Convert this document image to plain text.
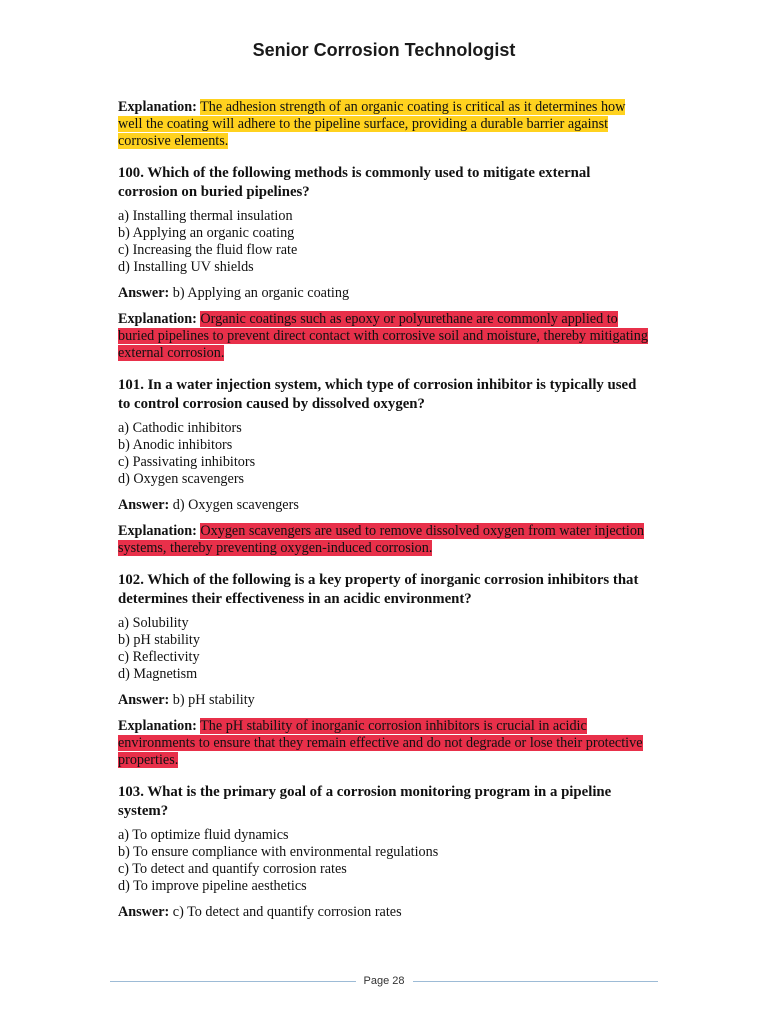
Senior Corrosion Technologist

Explanation: The adhesion strength of an organic coating is critical as it determines how well the coating will adhere to the pipeline surface, providing a durable barrier against corrosive elements.

100. Which of the following methods is commonly used to mitigate external corrosion on buried pipelines?

a) Installing thermal insulation
b) Applying an organic coating
c) Increasing the fluid flow rate
d) Installing UV shields

Answer: b) Applying an organic coating

Explanation: Organic coatings such as epoxy or polyurethane are commonly applied to buried pipelines to prevent direct contact with corrosive soil and moisture, thereby mitigating external corrosion.

101. In a water injection system, which type of corrosion inhibitor is typically used to control corrosion caused by dissolved oxygen?

a) Cathodic inhibitors
b) Anodic inhibitors
c) Passivating inhibitors
d) Oxygen scavengers

Answer: d) Oxygen scavengers

Explanation: Oxygen scavengers are used to remove dissolved oxygen from water injection systems, thereby preventing oxygen-induced corrosion.

102. Which of the following is a key property of inorganic corrosion inhibitors that determines their effectiveness in an acidic environment?

a) Solubility
b) pH stability
c) Reflectivity
d) Magnetism

Answer: b) pH stability

Explanation: The pH stability of inorganic corrosion inhibitors is crucial in acidic environments to ensure that they remain effective and do not degrade or lose their protective properties.

103. What is the primary goal of a corrosion monitoring program in a pipeline system?

a) To optimize fluid dynamics
b) To ensure compliance with environmental regulations
c) To detect and quantify corrosion rates
d) To improve pipeline aesthetics

Answer: c) To detect and quantify corrosion rates

Page 28
